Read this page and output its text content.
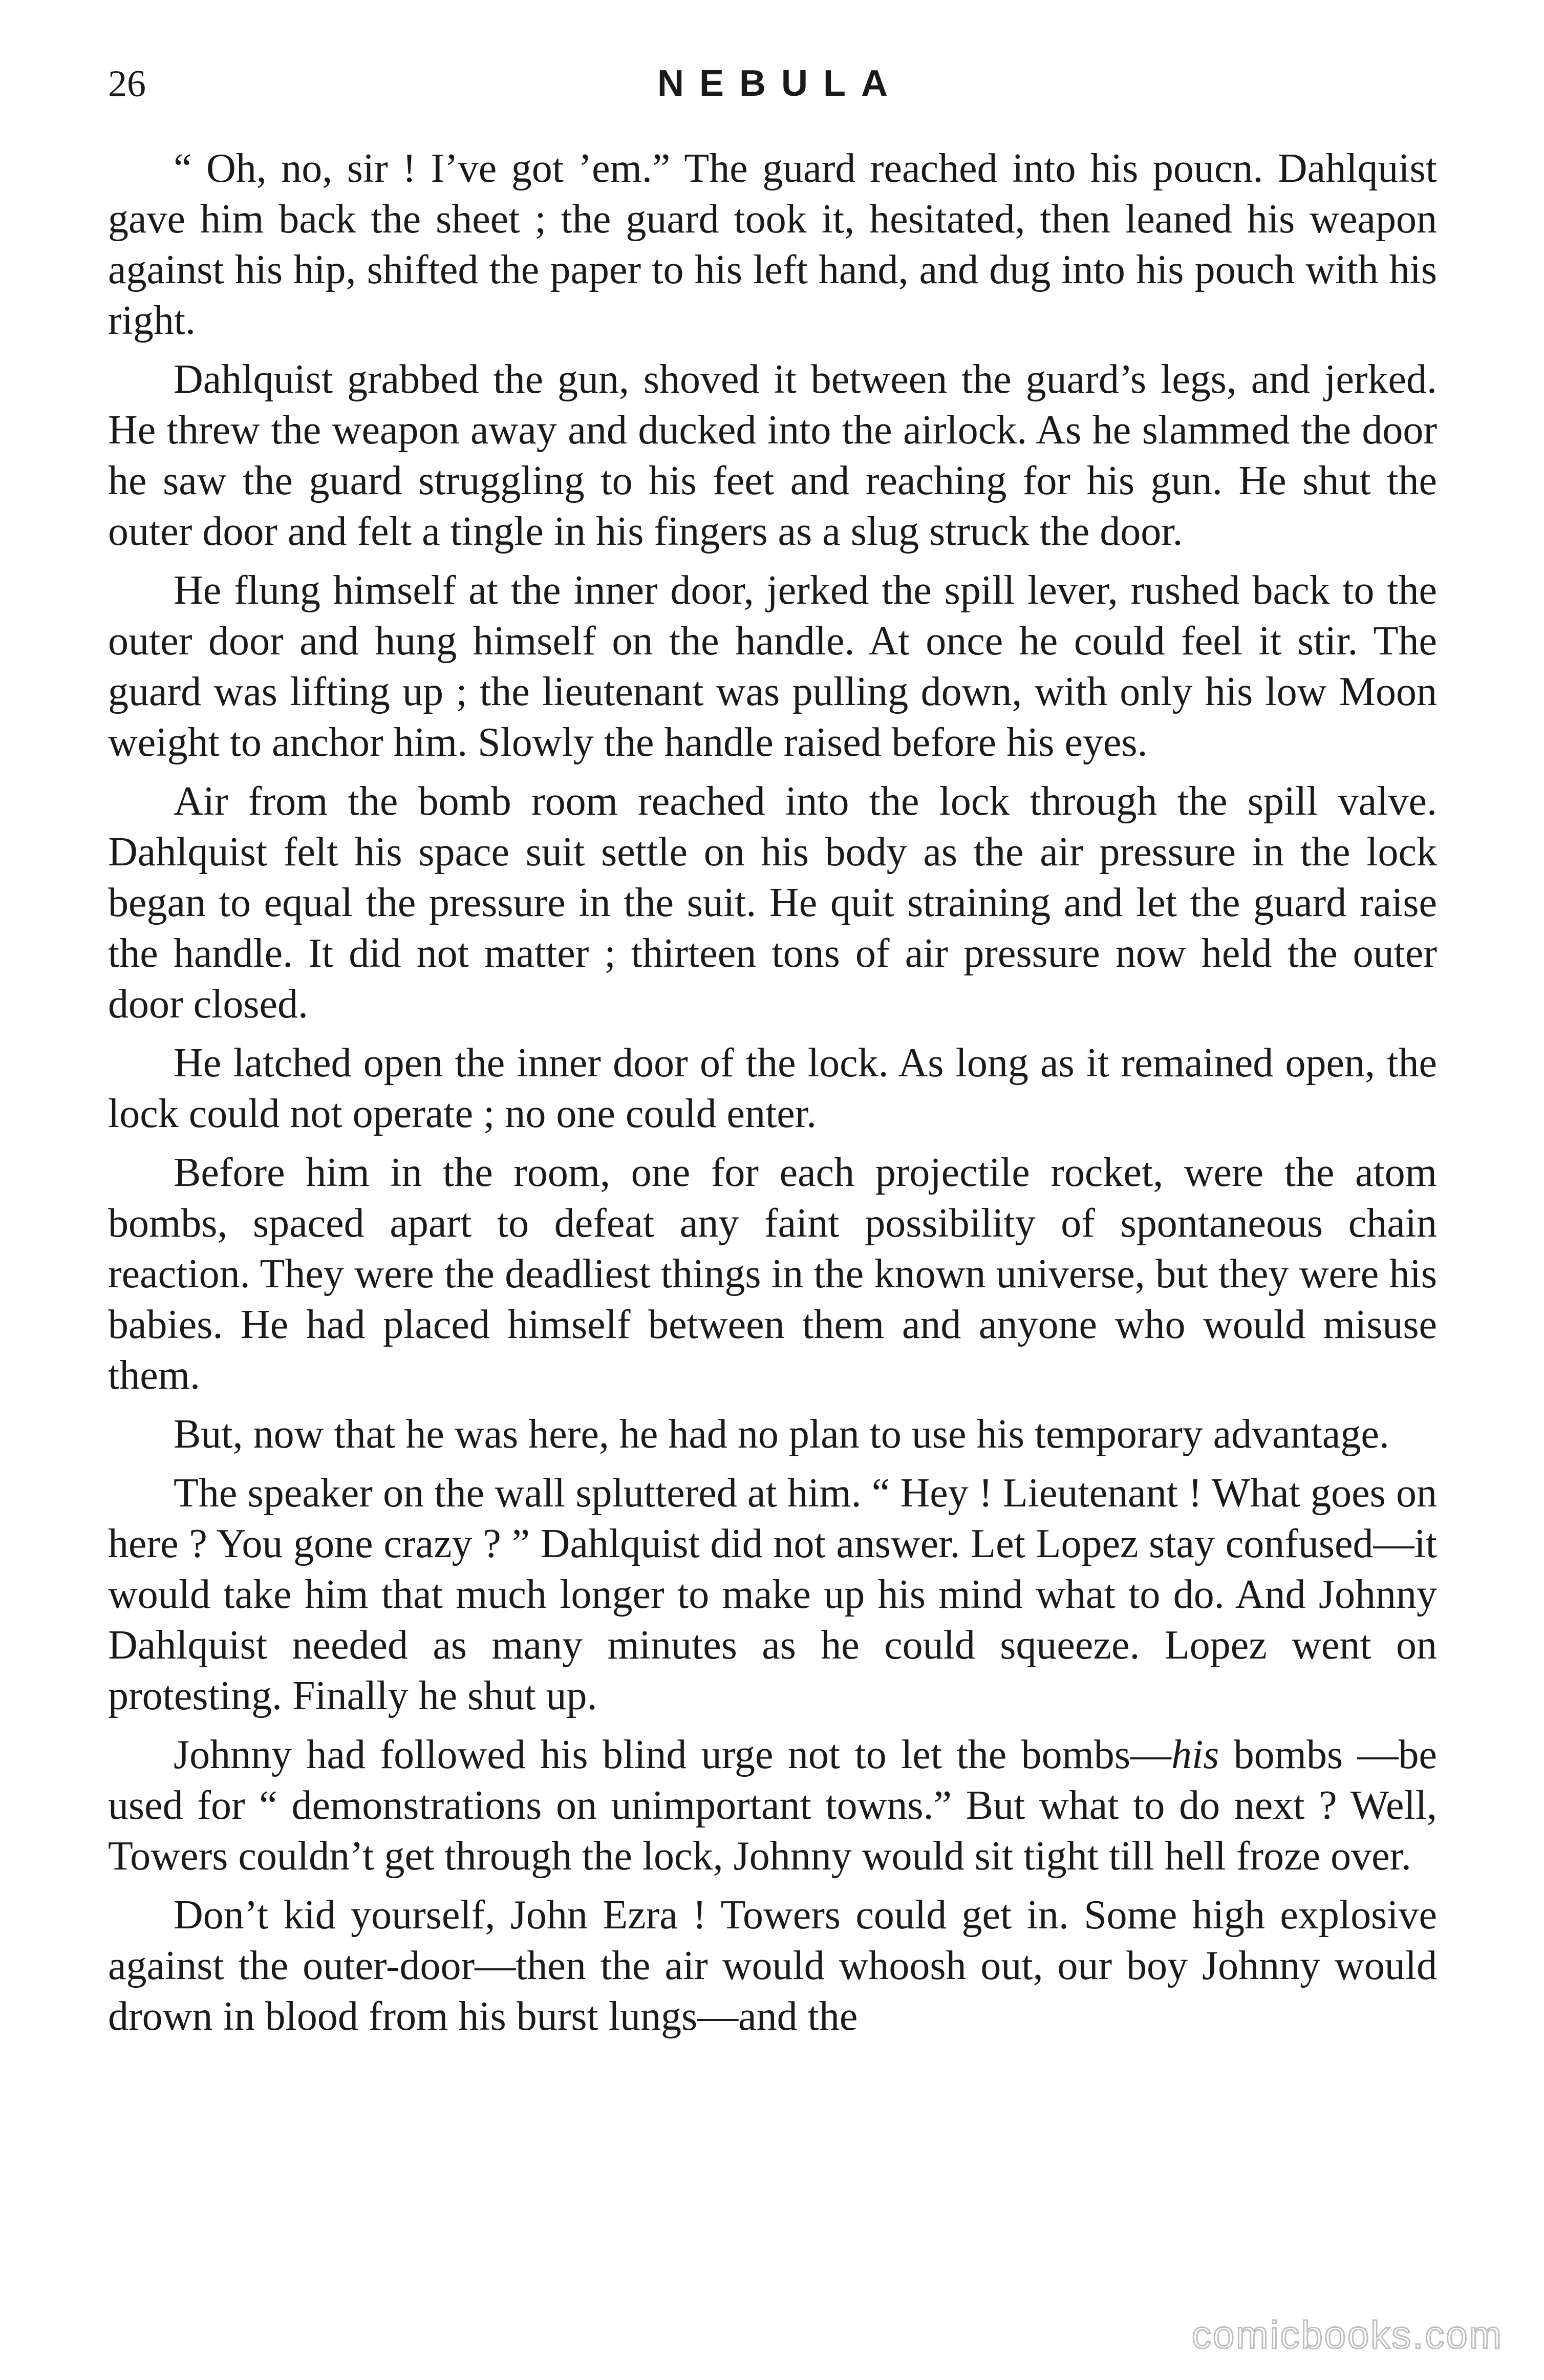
26	NEBULA

“ Oh, no, sir ! I’ve got ’em.” The guard reached into his poucn. Dahlquist gave him back the sheet ; the guard took it, hesitated, then leaned his weapon against his hip, shifted the paper to his left hand, and dug into his pouch with his right.

Dahlquist grabbed the gun, shoved it between the guard’s legs, and jerked. He threw the weapon away and ducked into the airlock. As he slammed the door he saw the guard struggling to his feet and reaching for his gun. He shut the outer door and felt a tingle in his fingers as a slug struck the door.

He flung himself at the inner door, jerked the spill lever, rushed back to the outer door and hung himself on the handle. At once he could feel it stir. The guard was lifting up ; the lieutenant was pulling down, with only his low Moon weight to anchor him. Slowly the handle raised before his eyes.

Air from the bomb room reached into the lock through the spill valve. Dahlquist felt his space suit settle on his body as the air pressure in the lock began to equal the pressure in the suit. He quit straining and let the guard raise the handle. It did not matter ; thirteen tons of air pressure now held the outer door closed.

He latched open the inner door of the lock. As long as it remained open, the lock could not operate ; no one could enter.

Before him in the room, one for each projectile rocket, were the atom bombs, spaced apart to defeat any faint possibility of spontaneous chain reaction. They were the deadliest things in the known universe, but they were his babies. He had placed himself between them and anyone who would misuse them.

But, now that he was here, he had no plan to use his temporary advantage.

The speaker on the wall spluttered at him. “ Hey ! Lieutenant ! What goes on here ? You gone crazy ? ” Dahlquist did not answer. Let Lopez stay confused—it would take him that much longer to make up his mind what to do. And Johnny Dahlquist needed as many minutes as he could squeeze. Lopez went on protesting. Finally he shut up.

Johnny had followed his blind urge not to let the bombs—his bombs —be used for “ demonstrations on unimportant towns.” But what to do next ? Well, Towers couldn’t get through the lock, Johnny would sit tight till hell froze over.

Don’t kid yourself, John Ezra ! Towers could get in. Some high explosive against the outer-door—then the air would whoosh out, our boy Johnny would drown in blood from his burst lungs—and the

comicbooks.com
